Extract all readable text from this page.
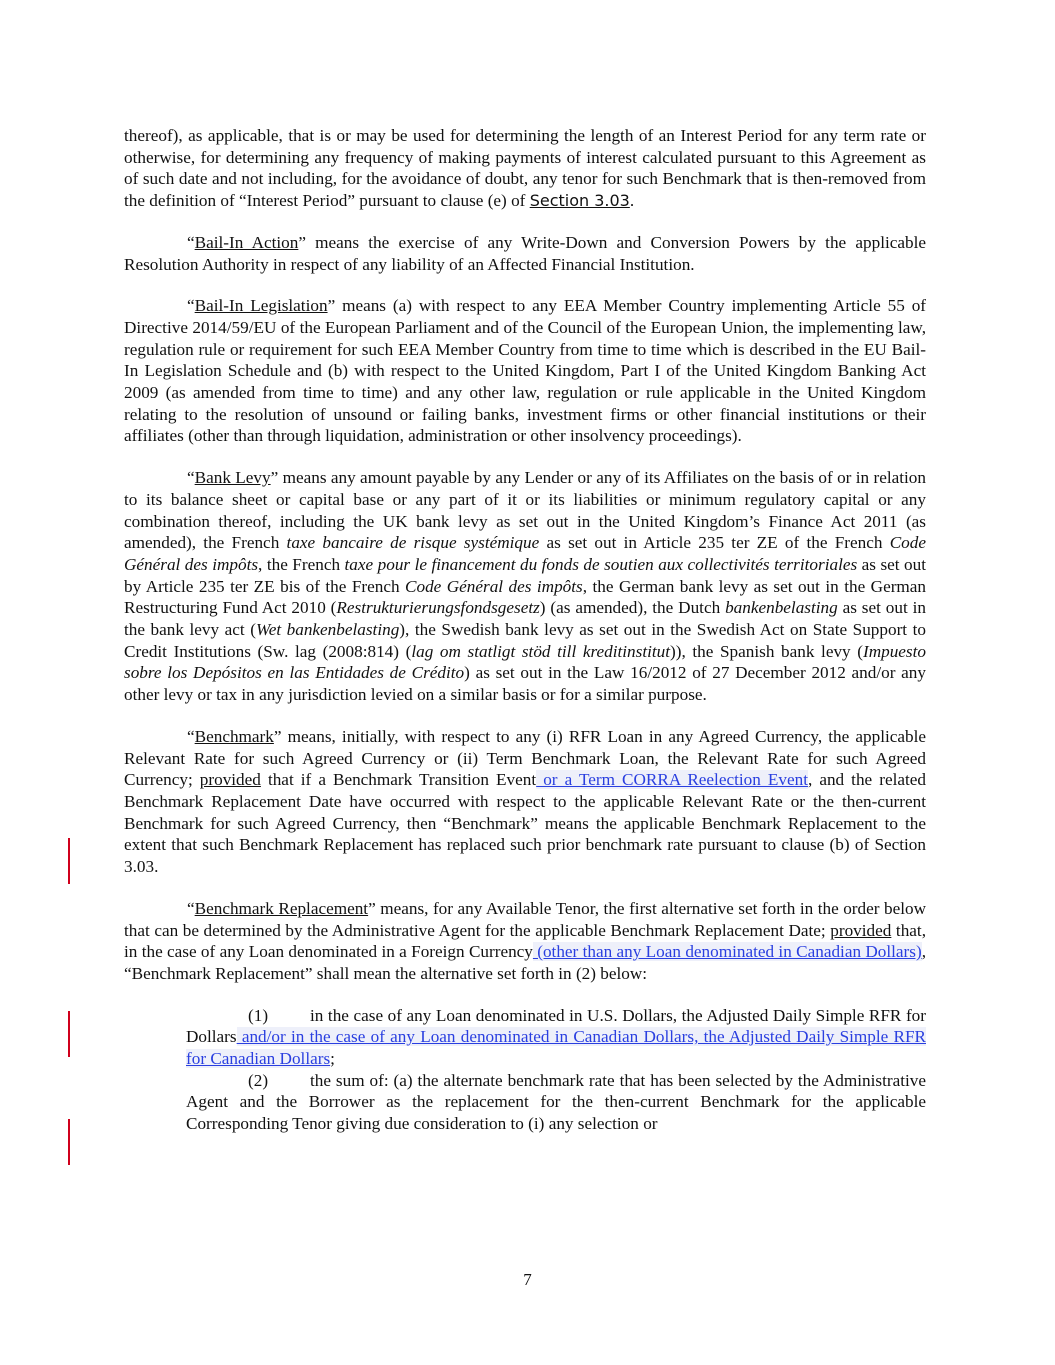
thereof), as applicable, that is or may be used for determining the length of an Interest Period for any term rate or otherwise, for determining any frequency of making payments of interest calculated pursuant to this Agreement as of such date and not including, for the avoidance of doubt, any tenor for such Benchmark that is then-removed from the definition of “Interest Period” pursuant to clause (e) of Section 3.03.

“Bail-In Action” means the exercise of any Write-Down and Conversion Powers by the applicable Resolution Authority in respect of any liability of an Affected Financial Institution.

“Bail-In Legislation” means (a) with respect to any EEA Member Country implementing Article 55 of Directive 2014/59/EU of the European Parliament and of the Council of the European Union, the implementing law, regulation rule or requirement for such EEA Member Country from time to time which is described in the EU Bail-In Legislation Schedule and (b) with respect to the United Kingdom, Part I of the United Kingdom Banking Act 2009 (as amended from time to time) and any other law, regulation or rule applicable in the United Kingdom relating to the resolution of unsound or failing banks, investment firms or other financial institutions or their affiliates (other than through liquidation, administration or other insolvency proceedings).

“Bank Levy” means any amount payable by any Lender or any of its Affiliates on the basis of or in relation to its balance sheet or capital base or any part of it or its liabilities or minimum regulatory capital or any combination thereof, including the UK bank levy as set out in the United Kingdom’s Finance Act 2011 (as amended), the French taxe bancaire de risque systémique as set out in Article 235 ter ZE of the French Code Général des impôts, the French taxe pour le financement du fonds de soutien aux collectivités territoriales as set out by Article 235 ter ZE bis of the French Code Général des impôts, the German bank levy as set out in the German Restructuring Fund Act 2010 (Restrukturierungsfondsgesetz) (as amended), the Dutch bankenbelasting as set out in the bank levy act (Wet bankenbelasting), the Swedish bank levy as set out in the Swedish Act on State Support to Credit Institutions (Sw. lag (2008:814) (lag om statligt stöd till kreditinstitut)), the Spanish bank levy (Impuesto sobre los Depósitos en las Entidades de Crédito) as set out in the Law 16/2012 of 27 December 2012 and/or any other levy or tax in any jurisdiction levied on a similar basis or for a similar purpose.

“Benchmark” means, initially, with respect to any (i) RFR Loan in any Agreed Currency, the applicable Relevant Rate for such Agreed Currency or (ii) Term Benchmark Loan, the Relevant Rate for such Agreed Currency; provided that if a Benchmark Transition Event or a Term CORRA Reelection Event, and the related Benchmark Replacement Date have occurred with respect to the applicable Relevant Rate or the then-current Benchmark for such Agreed Currency, then “Benchmark” means the applicable Benchmark Replacement to the extent that such Benchmark Replacement has replaced such prior benchmark rate pursuant to clause (b) of Section 3.03.

“Benchmark Replacement” means, for any Available Tenor, the first alternative set forth in the order below that can be determined by the Administrative Agent for the applicable Benchmark Replacement Date; provided that, in the case of any Loan denominated in a Foreign Currency (other than any Loan denominated in Canadian Dollars), “Benchmark Replacement” shall mean the alternative set forth in (2) below:

(1) in the case of any Loan denominated in U.S. Dollars, the Adjusted Daily Simple RFR for Dollars and/or in the case of any Loan denominated in Canadian Dollars, the Adjusted Daily Simple RFR for Canadian Dollars;

(2) the sum of: (a) the alternate benchmark rate that has been selected by the Administrative Agent and the Borrower as the replacement for the then-current Benchmark for the applicable Corresponding Tenor giving due consideration to (i) any selection or

7
